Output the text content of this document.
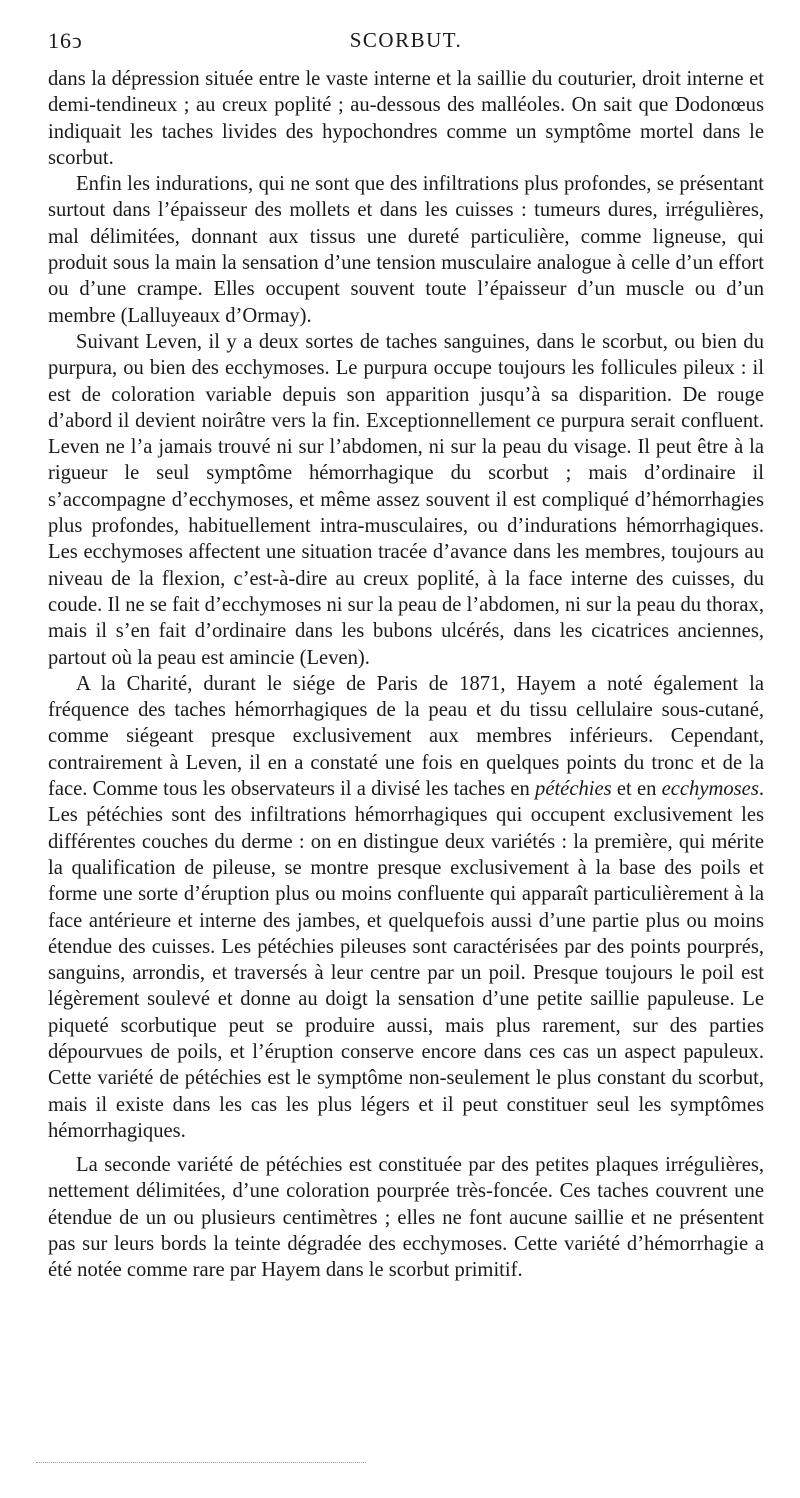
16ͻ	SCORBUT.

dans la dépression située entre le vaste interne et la saillie du couturier, droit interne et demi-tendineux ; au creux poplité ; au-dessous des malléoles. On sait que Dodonœus indiquait les taches livides des hypochondres comme un symptôme mortel dans le scorbut.

Enfin les indurations, qui ne sont que des infiltrations plus profondes, se présentant surtout dans l’épaisseur des mollets et dans les cuisses : tumeurs dures, irrégulières, mal délimitées, donnant aux tissus une dureté particulière, comme ligneuse, qui produit sous la main la sensation d’une tension musculaire analogue à celle d’un effort ou d’une crampe. Elles occupent souvent toute l’épaisseur d’un muscle ou d’un membre (Lalluyeaux d’Ormay).

Suivant Leven, il y a deux sortes de taches sanguines, dans le scorbut, ou bien du purpura, ou bien des ecchymoses. Le purpura occupe toujours les follicules pileux : il est de coloration variable depuis son apparition jusqu’à sa disparition. De rouge d’abord il devient noirâtre vers la fin. Exceptionnellement ce purpura serait confluent. Leven ne l’a jamais trouvé ni sur l’abdomen, ni sur la peau du visage. Il peut être à la rigueur le seul symptôme hémorrhagique du scorbut ; mais d’ordinaire il s’accompagne d’ecchymoses, et même assez souvent il est compliqué d’hémorrhagies plus profondes, habituellement intra-musculaires, ou d’indurations hémorrhagiques. Les ecchymoses affectent une situation tracée d’avance dans les membres, toujours au niveau de la flexion, c’est-à-dire au creux poplité, à la face interne des cuisses, du coude. Il ne se fait d’ecchymoses ni sur la peau de l’abdomen, ni sur la peau du thorax, mais il s’en fait d’ordinaire dans les bubons ulcérés, dans les cicatrices anciennes, partout où la peau est amincie (Leven).

A la Charité, durant le siége de Paris de 1871, Hayem a noté également la fréquence des taches hémorrhagiques de la peau et du tissu cellulaire sous-cutané, comme siégeant presque exclusivement aux membres inférieurs. Cependant, contrairement à Leven, il en a constaté une fois en quelques points du tronc et de la face. Comme tous les observateurs il a divisé les taches en pétéchies et en ecchymoses. Les pétéchies sont des infiltrations hémorrhagiques qui occupent exclusivement les différentes couches du derme : on en distingue deux variétés : la première, qui mérite la qualification de pileuse, se montre presque exclusivement à la base des poils et forme une sorte d’éruption plus ou moins confluente qui apparaît particulièrement à la face antérieure et interne des jambes, et quelquefois aussi d’une partie plus ou moins étendue des cuisses. Les pétéchies pileuses sont caractérisées par des points pourprés, sanguins, arrondis, et traversés à leur centre par un poil. Presque toujours le poil est légèrement soulevé et donne au doigt la sensation d’une petite saillie papuleuse. Le piqueté scorbutique peut se produire aussi, mais plus rarement, sur des parties dépourvues de poils, et l’éruption conserve encore dans ces cas un aspect papuleux. Cette variété de pétéchies est le symptôme non-seulement le plus constant du scorbut, mais il existe dans les cas les plus légers et il peut constituer seul les symptômes hémorrhagiques.

La seconde variété de pétéchies est constituée par des petites plaques irrégulières, nettement délimitées, d’une coloration pourprée très-foncée. Ces taches couvrent une étendue de un ou plusieurs centimètres ; elles ne font aucune saillie et ne présentent pas sur leurs bords la teinte dégradée des ecchymoses. Cette variété d’hémorrhagie a été notée comme rare par Hayem dans le scorbut primitif.
